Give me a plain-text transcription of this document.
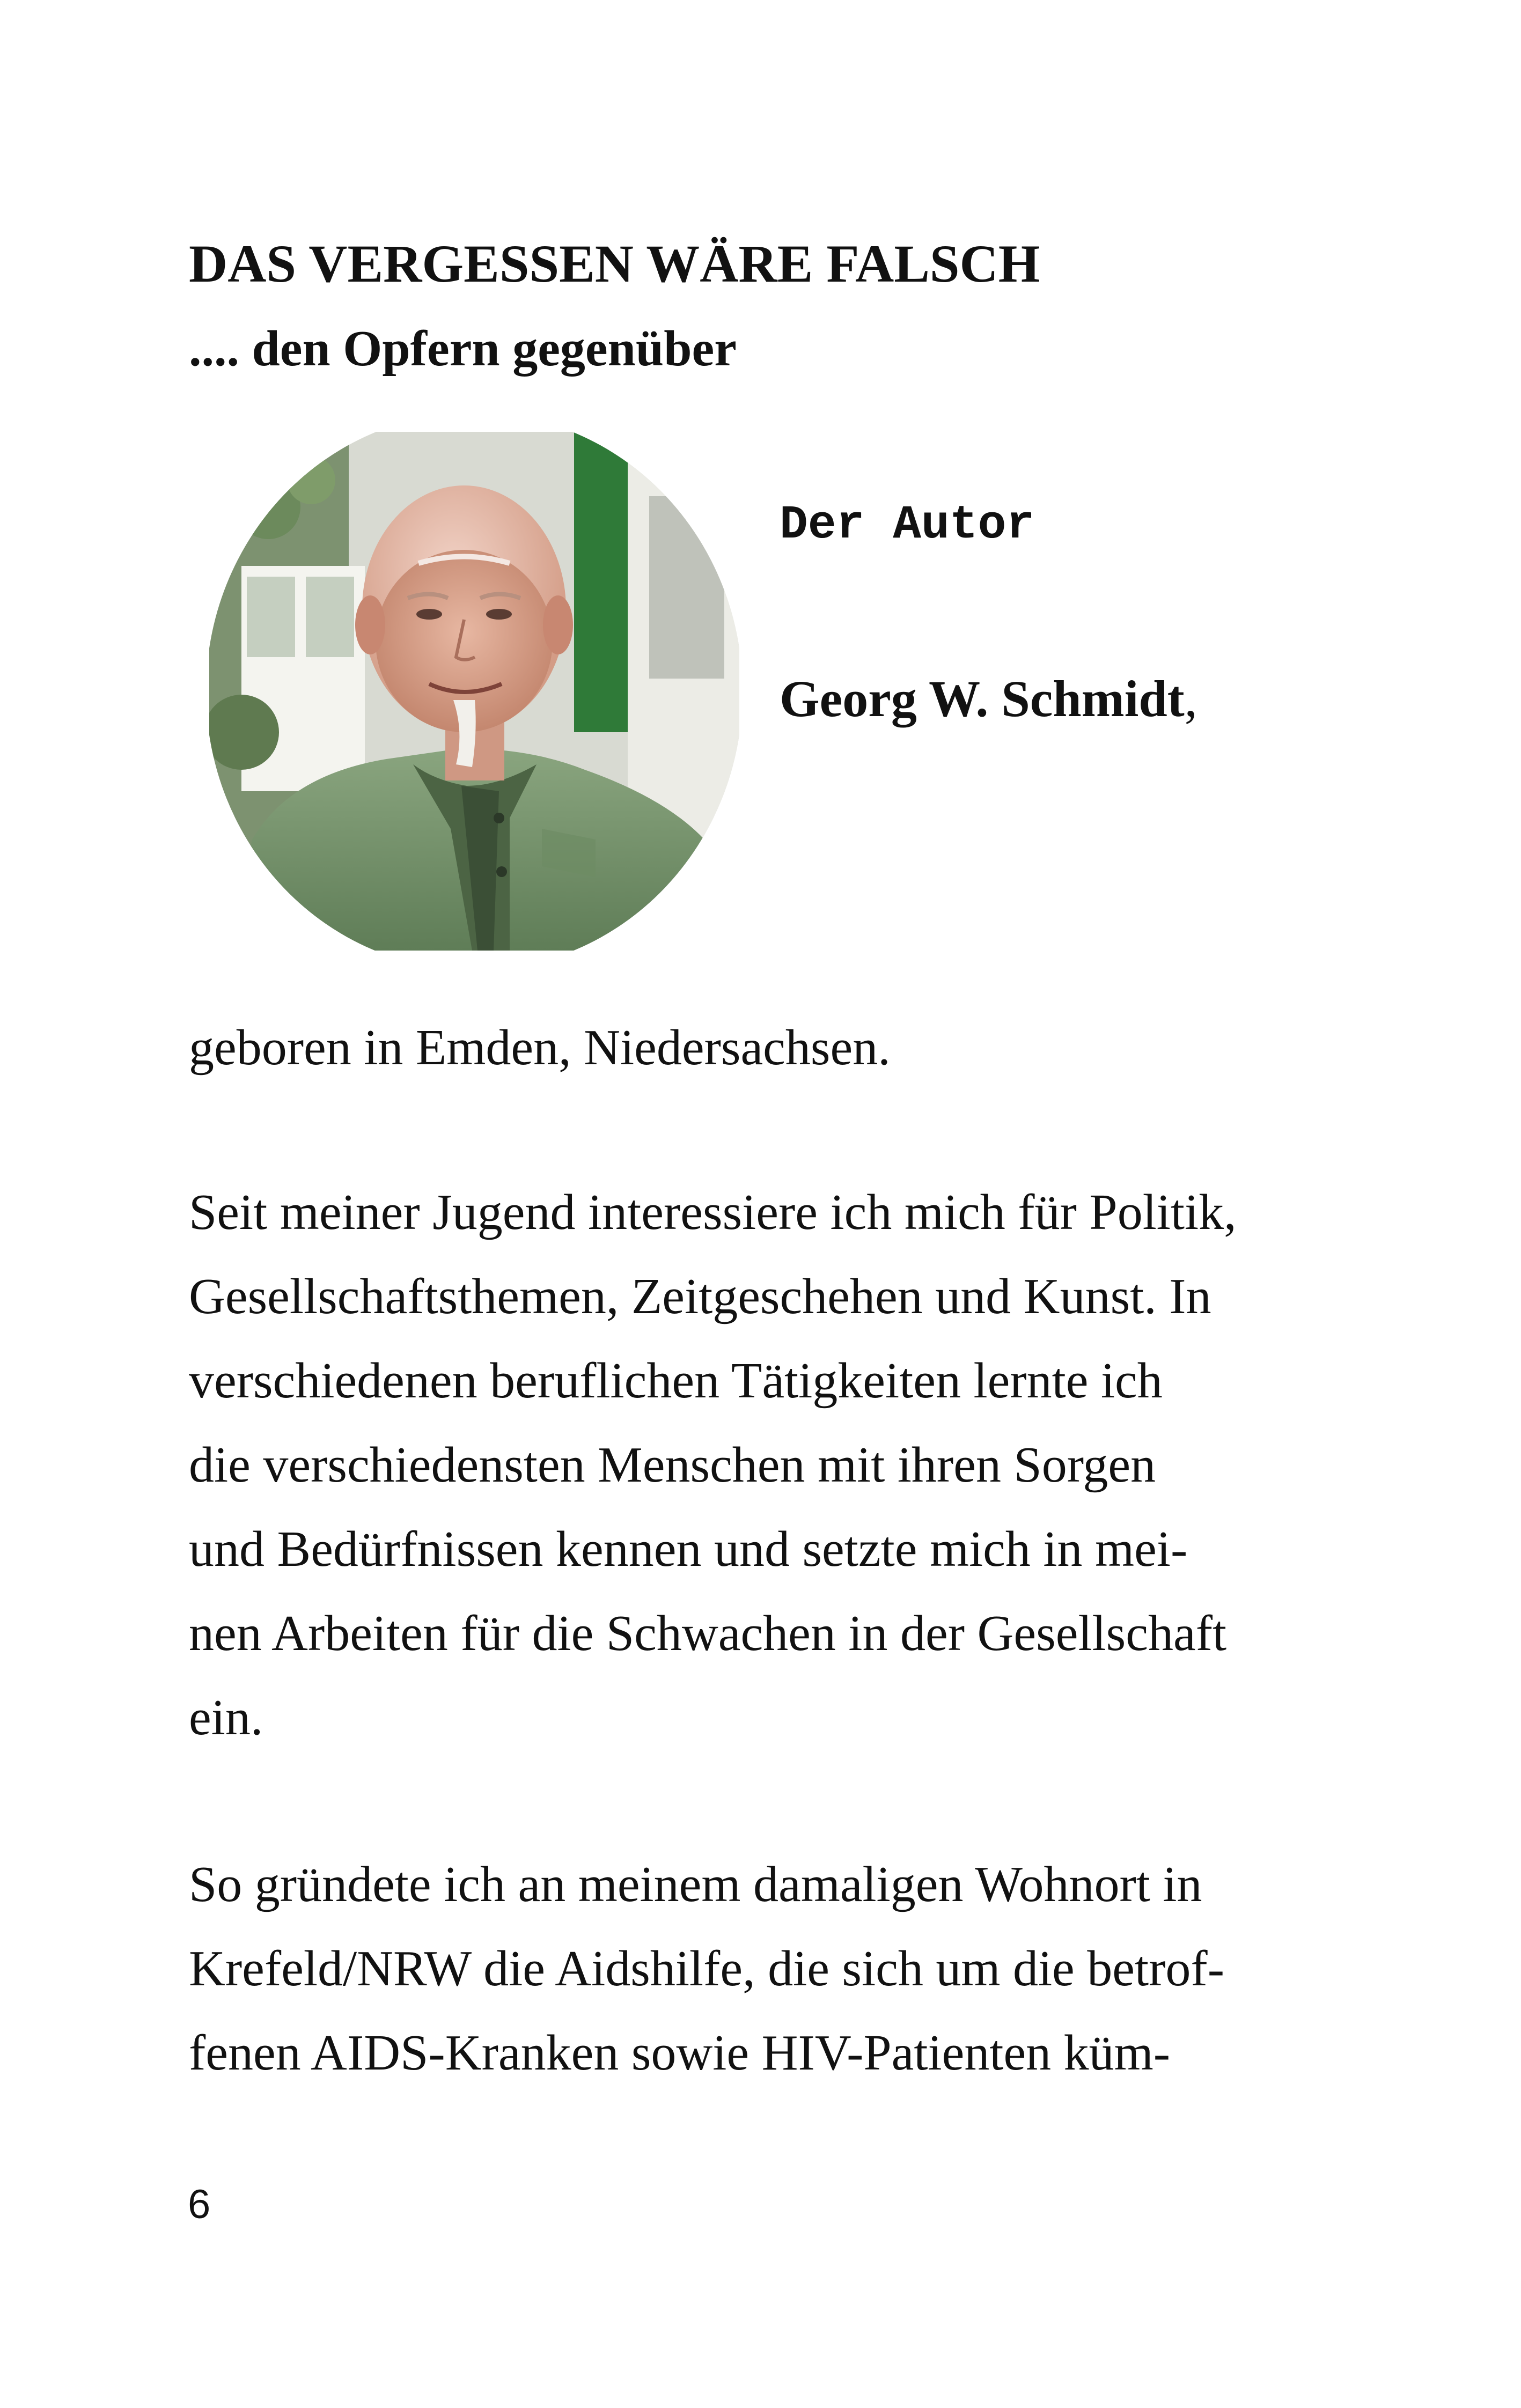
DAS VERGESSEN WÄRE FALSCH
.... den Opfern gegenüber
Der Autor
Georg W. Schmidt,
geboren in Emden, Niedersachsen.
Seit meiner Jugend interessiere ich mich für Politik,
Gesellschaftsthemen, Zeitgeschehen und Kunst. In
verschiedenen beruflichen Tätigkeiten lernte ich
die verschiedensten Menschen mit ihren Sorgen
und Bedürfnissen kennen und setzte mich in mei-
nen Arbeiten für die Schwachen in der Gesellschaft
ein.
So gründete ich an meinem damaligen Wohnort in
Krefeld/NRW die Aidshilfe, die sich um die betrof-
fenen AIDS-Kranken sowie HIV-Patienten küm-
6
